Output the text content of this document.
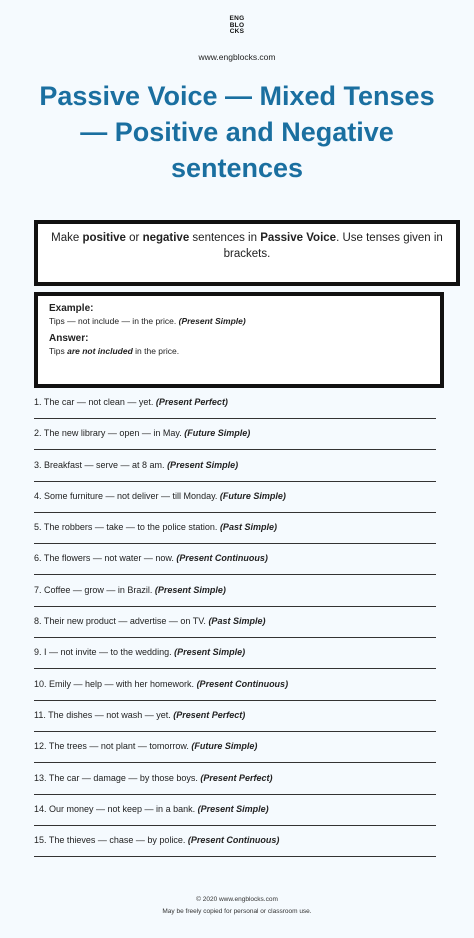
ENG
BLO
CKS
www.engblocks.com
Passive Voice — Mixed Tenses — Positive and Negative sentences
Make positive or negative sentences in Passive Voice. Use tenses given in brackets.
Example:
Tips — not include — in the price. (Present Simple)
Answer:
Tips are not included in the price.
1. The car — not clean — yet. (Present Perfect)
2. The new library — open — in May. (Future Simple)
3. Breakfast — serve — at 8 am. (Present Simple)
4. Some furniture — not deliver — till Monday. (Future Simple)
5. The robbers — take — to the police station. (Past Simple)
6. The flowers — not water — now. (Present Continuous)
7. Coffee — grow — in Brazil. (Present Simple)
8. Their new product — advertise — on TV. (Past Simple)
9. I — not invite — to the wedding. (Present Simple)
10. Emily — help — with her homework. (Present Continuous)
11. The dishes — not wash — yet. (Present Perfect)
12. The trees — not plant — tomorrow. (Future Simple)
13. The car — damage — by those boys. (Present Perfect)
14. Our money — not keep — in a bank. (Present Simple)
15. The thieves — chase — by police. (Present Continuous)
© 2020 www.engblocks.com
May be freely copied for personal or classroom use.
